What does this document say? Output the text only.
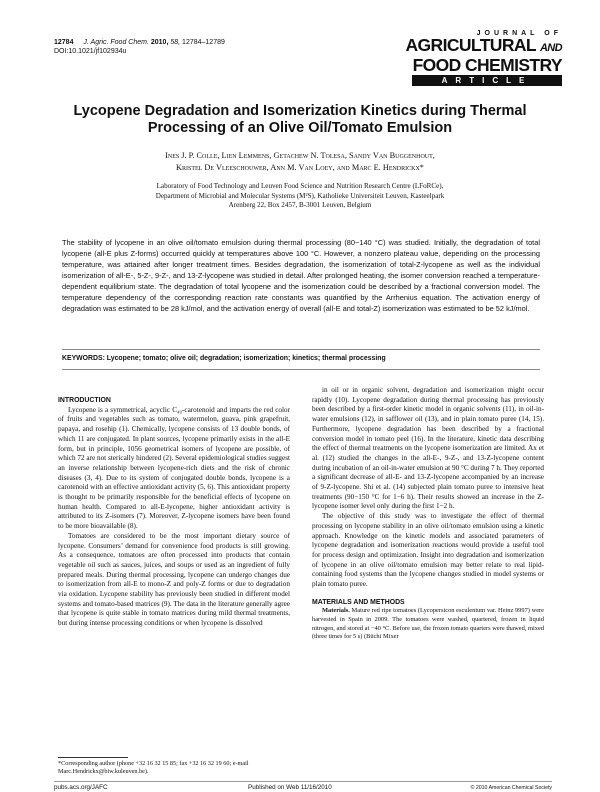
12784 J. Agric. Food Chem. 2010, 58, 12784–12789
DOI:10.1021/jf102934u
JOURNAL OF
AGRICULTURAL AND
FOOD CHEMISTRY
ARTICLE
Lycopene Degradation and Isomerization Kinetics during Thermal Processing of an Olive Oil/Tomato Emulsion
Ines J. P. Colle, Lien Lemmens, Getachew N. Tolesa, Sandy Van Buggenhout,
Kristel De Vleeschouwer, Ann M. Van Loey, and Marc E. Hendrickx*
Laboratory of Food Technology and Leuven Food Science and Nutrition Research Centre (LFoRCe),
Department of Microbial and Molecular Systems (M²S), Katholieke Universiteit Leuven, Kasteelpark
Arenberg 22, Box 2457, B-3001 Leuven, Belgium
The stability of lycopene in an olive oil/tomato emulsion during thermal processing (80−140 °C) was studied. Initially, the degradation of total lycopene (all-E plus Z-forms) occurred quickly at temperatures above 100 °C. However, a nonzero plateau value, depending on the processing temperature, was attained after longer treatment times. Besides degradation, the isomerization of total-Z-lycopene as well as the individual isomerization of all-E-, 5-Z-, 9-Z-, and 13-Z-lycopene was studied in detail. After prolonged heating, the isomer conversion reached a temperature-dependent equilibrium state. The degradation of total lycopene and the isomerization could be described by a fractional conversion model. The temperature dependency of the corresponding reaction rate constants was quantified by the Arrhenius equation. The activation energy of degradation was estimated to be 28 kJ/mol, and the activation energy of overall (all-E and total-Z) isomerization was estimated to be 52 kJ/mol.
KEYWORDS: Lycopene; tomato; olive oil; degradation; isomerization; kinetics; thermal processing

INTRODUCTION

Lycopene is a symmetrical, acyclic C₄₀-carotenoid and imparts the red color of fruits and vegetables such as tomato, watermelon, guava, pink grapefruit, papaya, and rosehip (1). Chemically, lycopene consists of 13 double bonds, of which 11 are conjugated. In plant sources, lycopene primarily exists in the all-E form, but in principle, 1056 geometrical isomers of lycopene are possible, of which 72 are not sterically hindered (2). Several epidemiological studies suggest an inverse relationship between lycopene-rich diets and the risk of chronic diseases (3, 4). Due to its system of conjugated double bonds, lycopene is a carotenoid with an effective antioxidant activity (5, 6). This antioxidant property is thought to be primarily responsible for the beneficial effects of lycopene on human health. Compared to all-E-lycopene, higher antioxidant activity is attributed to its Z-isomers (7). Moreover, Z-lycopene isomers have been found to be more bioavailable (8).

Tomatoes are considered to be the most important dietary source of lycopene. Consumers’ demand for convenience food products is still growing. As a consequence, tomatoes are often processed into products that contain vegetable oil such as sauces, juices, and soups or used as an ingredient of fully prepared meals. During thermal processing, lycopene can undergo changes due to isomerization from all-E to mono-Z and poly-Z forms or due to degradation via oxidation. Lycopene stability has previously been studied in different model systems and tomato-based matrices (9). The data in the literature generally agree that lycopene is quite stable in tomato matrices during mild thermal treatments, but during intense processing conditions or when lycopene is dissolved

in oil or in organic solvent, degradation and isomerization might occur rapidly (10). Lycopene degradation during thermal processing has previously been described by a first-order kinetic model in organic solvents (11), in oil-in-water emulsions (12), in safflower oil (13), and in plain tomato puree (14, 15). Furthermore, lycopene degradation has been described by a fractional conversion model in tomato peel (16). In the literature, kinetic data describing the effect of thermal treatments on the lycopene isomerization are limited. Ax et al. (12) studied the changes in the all-E-, 9-Z-, and 13-Z-lycopene content during incubation of an oil-in-water emulsion at 90 °C during 7 h. They reported a significant decrease of all-E- and 13-Z-lycopene accompanied by an increase of 9-Z-lycopene. Shi et al. (14) subjected plain tomato puree to intensive heat treatments (90−150 °C for 1−6 h). Their results showed an increase in the Z-lycopene isomer level only during the first 1−2 h.

The objective of this study was to investigate the effect of thermal processing on lycopene stability in an olive oil/tomato emulsion using a kinetic approach. Knowledge on the kinetic models and associated parameters of lycopene degradation and isomerization reactions would provide a useful tool for process design and optimization. Insight into degradation and isomerization of lycopene in an olive oil/tomato emulsion may better relate to real lipid-containing food systems than the lycopene changes studied in model systems or plain tomato puree.

MATERIALS AND METHODS

Materials. Mature red ripe tomatoes (Lycopersicon esculentum var. Heinz 9997) were harvested in Spain in 2009. The tomatoes were washed, quartered, frozen in liquid nitrogen, and stored at −40 °C. Before use, the frozen tomato quarters were thawed, mixed (three times for 5 s) (Büchi Mixer

*Corresponding author (phone +32 16 32 15 85; fax +32 16 32 19 60; e-mail Marc.Hendrickx@biw.kuleuven.be).
pubs.acs.org/JAFC	Published on Web 11/16/2010	© 2010 American Chemical Society
